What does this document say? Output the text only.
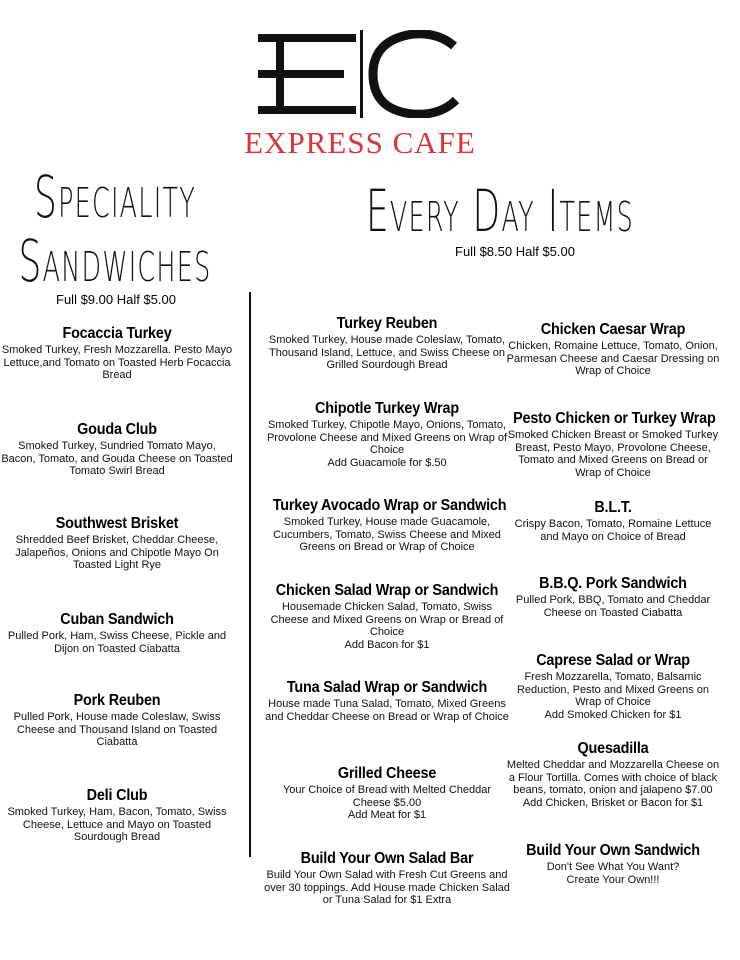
EXPRESS CAFE
Speciality
Sandwiches
Full $9.00 Half $5.00
Every Day Items
Full $8.50 Half $5.00
Focaccia Turkey
Smoked Turkey, Fresh Mozzarella. Pesto Mayo Lettuce,and Tomato on Toasted Herb Focaccia Bread
Gouda Club
Smoked Turkey, Sundried Tomato Mayo, Bacon, Tomato, and Gouda Cheese on Toasted Tomato Swirl Bread
Southwest Brisket
Shredded Beef Brisket, Cheddar Cheese, Jalapeños, Onions and Chipotle Mayo On Toasted Light Rye
Cuban Sandwich
Pulled Pork, Ham, Swiss Cheese, Pickle and Dijon on Toasted Ciabatta
Pork Reuben
Pulled Pork, House made Coleslaw, Swiss Cheese and Thousand Island on Toasted Ciabatta
Deli Club
Smoked Turkey, Ham, Bacon, Tomato, Swiss Cheese, Lettuce and Mayo on Toasted Sourdough Bread
Turkey Reuben
Smoked Turkey, House made Coleslaw, Tomato, Thousand Island, Lettuce, and Swiss Cheese on Grilled Sourdough Bread
Chipotle Turkey Wrap
Smoked Turkey, Chipotle Mayo, Onions, Tomato, Provolone Cheese and Mixed Greens on Wrap of Choice
Add Guacamole for $.50
Turkey Avocado Wrap or Sandwich
Smoked Turkey, House made Guacamole, Cucumbers, Tomato, Swiss Cheese and Mixed Greens on Bread or Wrap of Choice
Chicken Salad Wrap or Sandwich
Housemade Chicken Salad, Tomato, Swiss Cheese and Mixed Greens on Wrap or Bread of Choice
Add Bacon for $1
Tuna Salad Wrap or Sandwich
House made Tuna Salad, Tomato, Mixed Greens and Cheddar Cheese on Bread or Wrap of Choice
Grilled Cheese
Your Choice of Bread with Melted Cheddar Cheese $5.00
Add Meat for $1
Build Your Own Salad Bar
Build Your Own Salad with Fresh Cut Greens and over 30 toppings. Add House made Chicken Salad or Tuna Salad for $1 Extra
Chicken Caesar Wrap
Chicken, Romaine Lettuce, Tomato, Onion, Parmesan Cheese and Caesar Dressing on Wrap of Choice
Pesto Chicken or Turkey Wrap
Smoked Chicken Breast or Smoked Turkey Breast, Pesto Mayo, Provolone Cheese, Tomato and Mixed Greens on Bread or Wrap of Choice
B.L.T.
Crispy Bacon, Tomato, Romaine Lettuce and Mayo on Choice of Bread
B.B.Q. Pork Sandwich
Pulled Pork, BBQ, Tomato and Cheddar Cheese on Toasted Ciabatta
Caprese Salad or Wrap
Fresh Mozzarella, Tomato, Balsamic Reduction, Pesto and Mixed Greens on Wrap of Choice
Add Smoked Chicken for $1
Quesadilla
Melted Cheddar and Mozzarella Cheese on a Flour Tortilla. Comes with choice of black beans, tomato, onion and jalapeno $7.00
Add Chicken, Brisket or Bacon for $1
Build Your Own Sandwich
Don't See What You Want?
Create Your Own!!!
